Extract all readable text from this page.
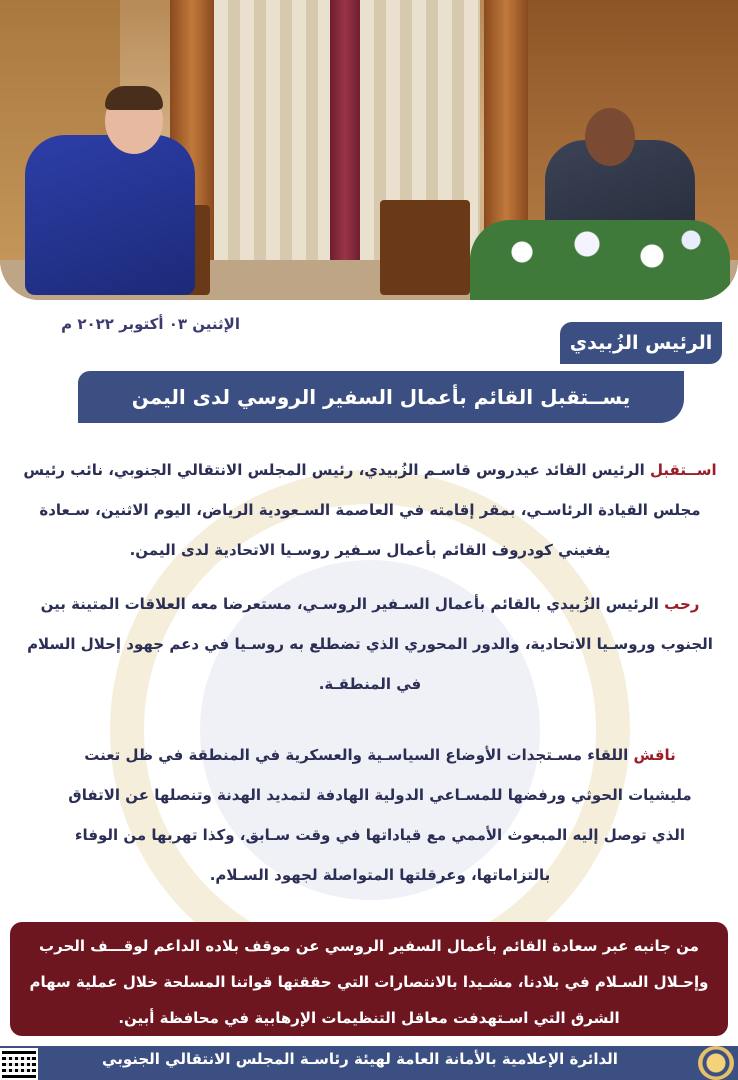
الإثنين ٠٣ أكتوبر ٢٠٢٢ م
الرئيس الزُبيدي
يســتقبل القائم بأعمال السفير الروسي لدى اليمن
اســتقبل الرئيس القائد عيدروس قاسـم الزُبيدي، رئيس المجلس الانتقالي الجنوبي، نائب رئيس مجلس القيادة الرئاسـي، بمقر إقامته في العاصمة السـعودية الرياض، اليوم الاثنين، سـعادة يفغيني كودروف القائم بأعمال سـفير روسـيا الاتحادية لدى اليمن.
رحب الرئيس الزُبيدي بالقائم بأعمال السـفير الروسـي، مستعرضا معه العلاقات المتينة بين الجنوب وروسـيا الاتحادية، والدور المحوري الذي تضطلع به روسـيا في دعم جهود إحلال السلام في المنطقـة.
ناقش اللقاء مسـتجدات الأوضاع السياسـية والعسكرية في المنطقة في ظل تعنت مليشيات الحوثي ورفضها للمسـاعي الدولية الهادفة لتمديد الهدنة وتنصلها عن الاتفاق الذي توصل إليه المبعوث الأممي مع قياداتها في وقت سـابق، وكذا تهربها من الوفاء بالتزاماتها، وعرقلتها المتواصلة لجهود السـلام.
من جانبه عبر سعادة القائم بأعمال السفير الروسي عن موقف بلاده الداعم لوقـــف الحرب وإحـلال السـلام في بلادنا، مشـيدا بالانتصارات التي حققتها قواتنا المسلحة خلال عملية سهام الشرق التي اسـتهدفت معاقل التنظيمات الإرهابية في محافظة أبين.
الدائرة الإعلامية بالأمانة العامة لهيئة رئاسـة المجلس الانتقالي الجنوبي
